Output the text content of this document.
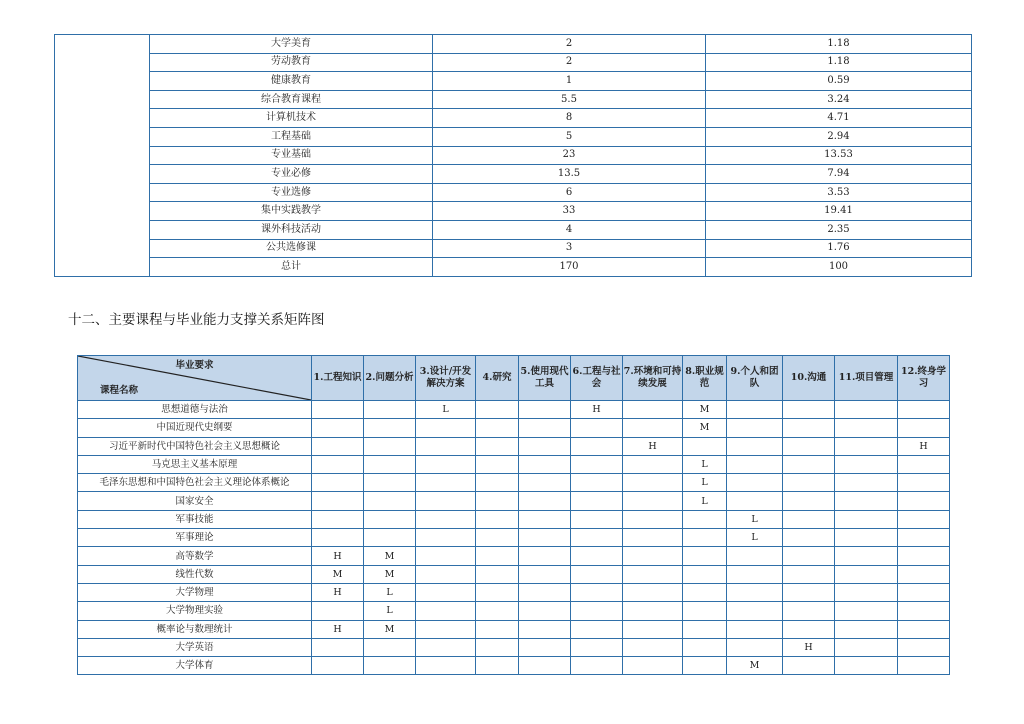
	大学美育	2	1.18
	劳动教育	2	1.18
	健康教育	1	0.59
	综合教育课程	5.5	3.24
	计算机技术	8	4.71
	工程基础	5	2.94
	专业基础	23	13.53
	专业必修	13.5	7.94
	专业选修	6	3.53
	集中实践教学	33	19.41
	课外科技活动	4	2.35
	公共选修课	3	1.76
	总计	170	100
十二、主要课程与毕业能力支撑关系矩阵图
毕业要求
课程名称	1.工程知识	2.问题分析	3.设计/开发解决方案	4.研究	5.使用现代工具	6.工程与社会	7.环境和可持续发展	8.职业规范	9.个人和团队	10.沟通	11.项目管理	12.终身学习
思想道德与法治			L			H		M				
中国近现代史纲要								M				
习近平新时代中国特色社会主义思想概论							H					H
马克思主义基本原理								L				
毛泽东思想和中国特色社会主义理论体系概论								L				
国家安全								L				
军事技能									L			
军事理论									L			
高等数学	H	M										
线性代数	M	M										
大学物理	H	L										
大学物理实验		L										
概率论与数理统计	H	M										
大学英语										H		
大学体育									M			
